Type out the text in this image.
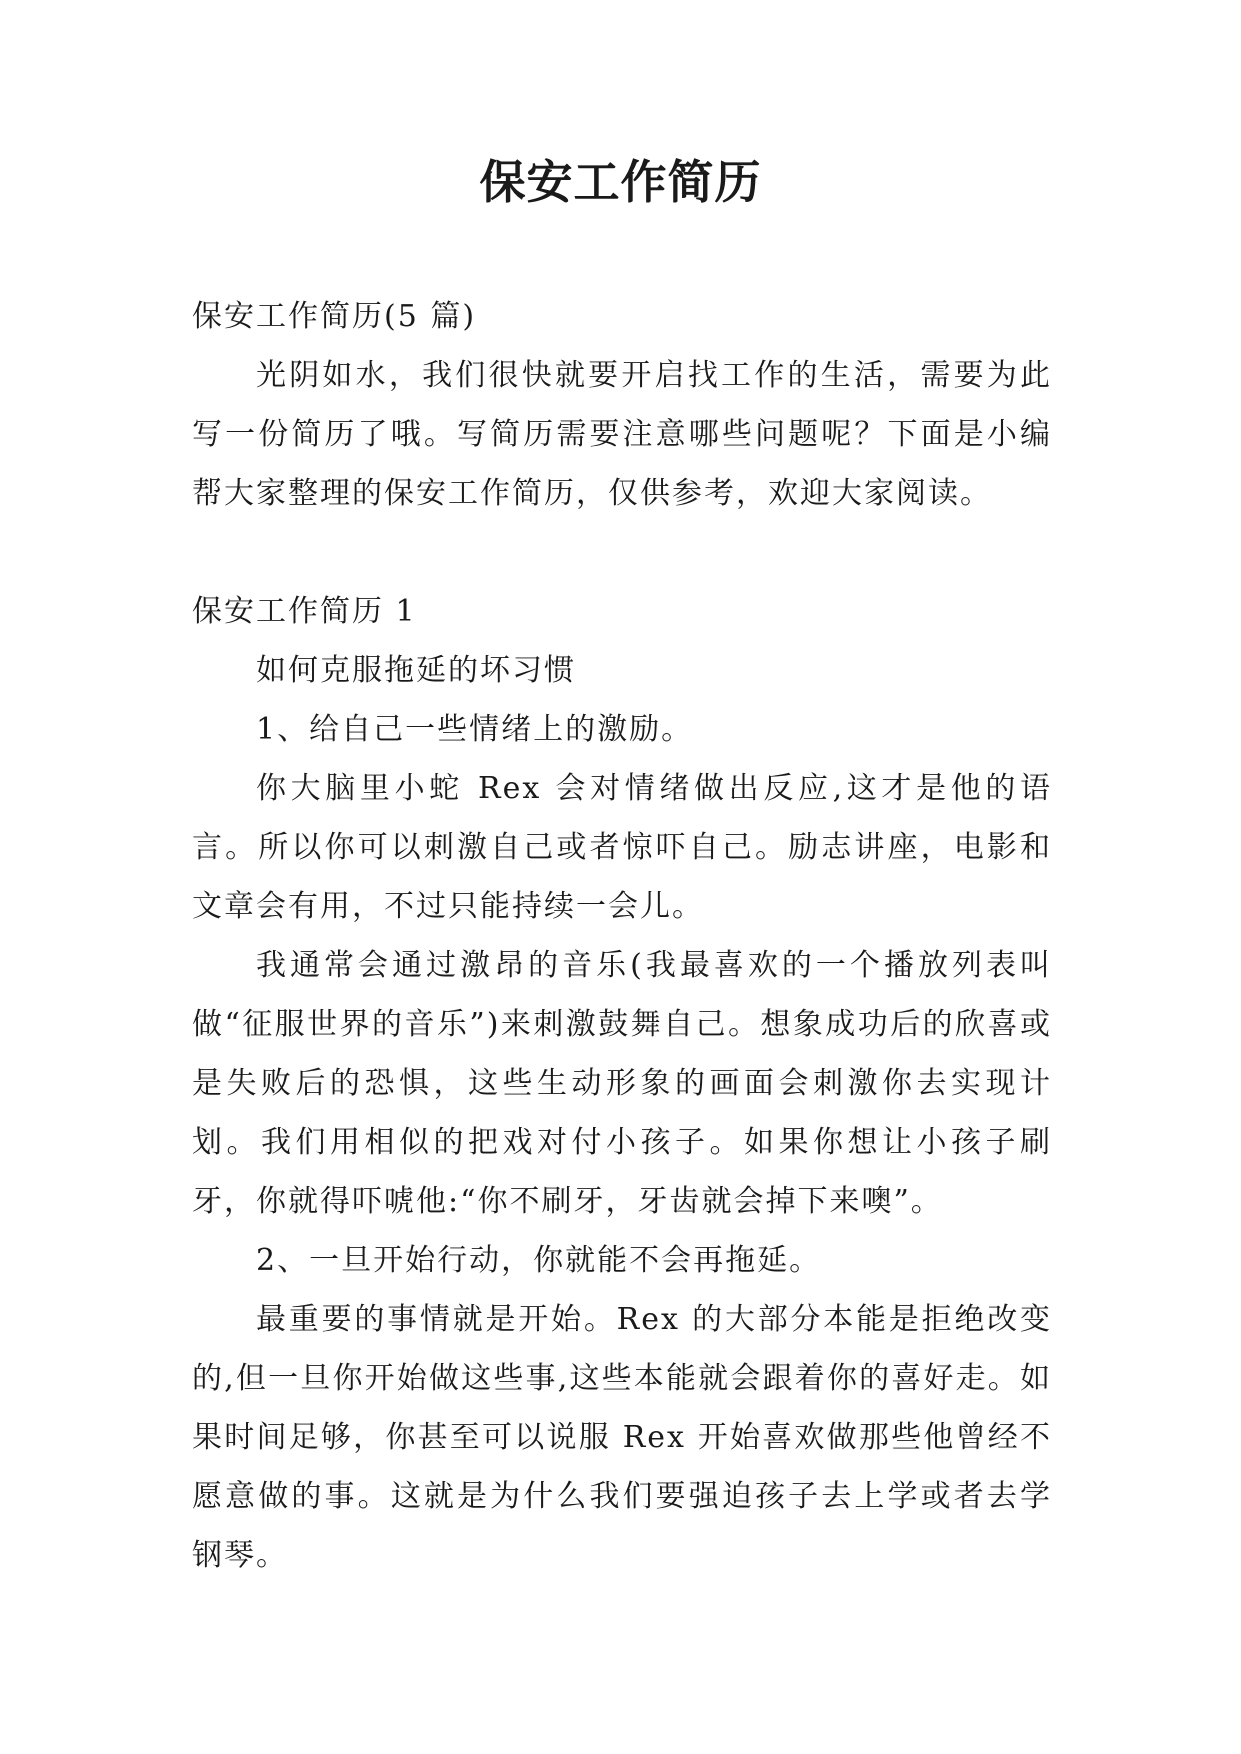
保安工作简历

保安工作简历(5 篇)

光阴如水，我们很快就要开启找工作的生活，需要为此写一份简历了哦。写简历需要注意哪些问题呢？下面是小编帮大家整理的保安工作简历，仅供参考，欢迎大家阅读。

保安工作简历 1

如何克服拖延的坏习惯

1、给自己一些情绪上的激励。

你大脑里小蛇 Rex 会对情绪做出反应,这才是他的语言。所以你可以刺激自己或者惊吓自己。励志讲座，电影和文章会有用，不过只能持续一会儿。

我通常会通过激昂的音乐(我最喜欢的一个播放列表叫做“征服世界的音乐”)来刺激鼓舞自己。想象成功后的欣喜或是失败后的恐惧，这些生动形象的画面会刺激你去实现计划。我们用相似的把戏对付小孩子。如果你想让小孩子刷牙，你就得吓唬他:“你不刷牙，牙齿就会掉下来噢”。

2、一旦开始行动，你就能不会再拖延。

最重要的事情就是开始。Rex 的大部分本能是拒绝改变的,但一旦你开始做这些事,这些本能就会跟着你的喜好走。如果时间足够，你甚至可以说服 Rex 开始喜欢做那些他曾经不愿意做的事。这就是为什么我们要强迫孩子去上学或者去学钢琴。
